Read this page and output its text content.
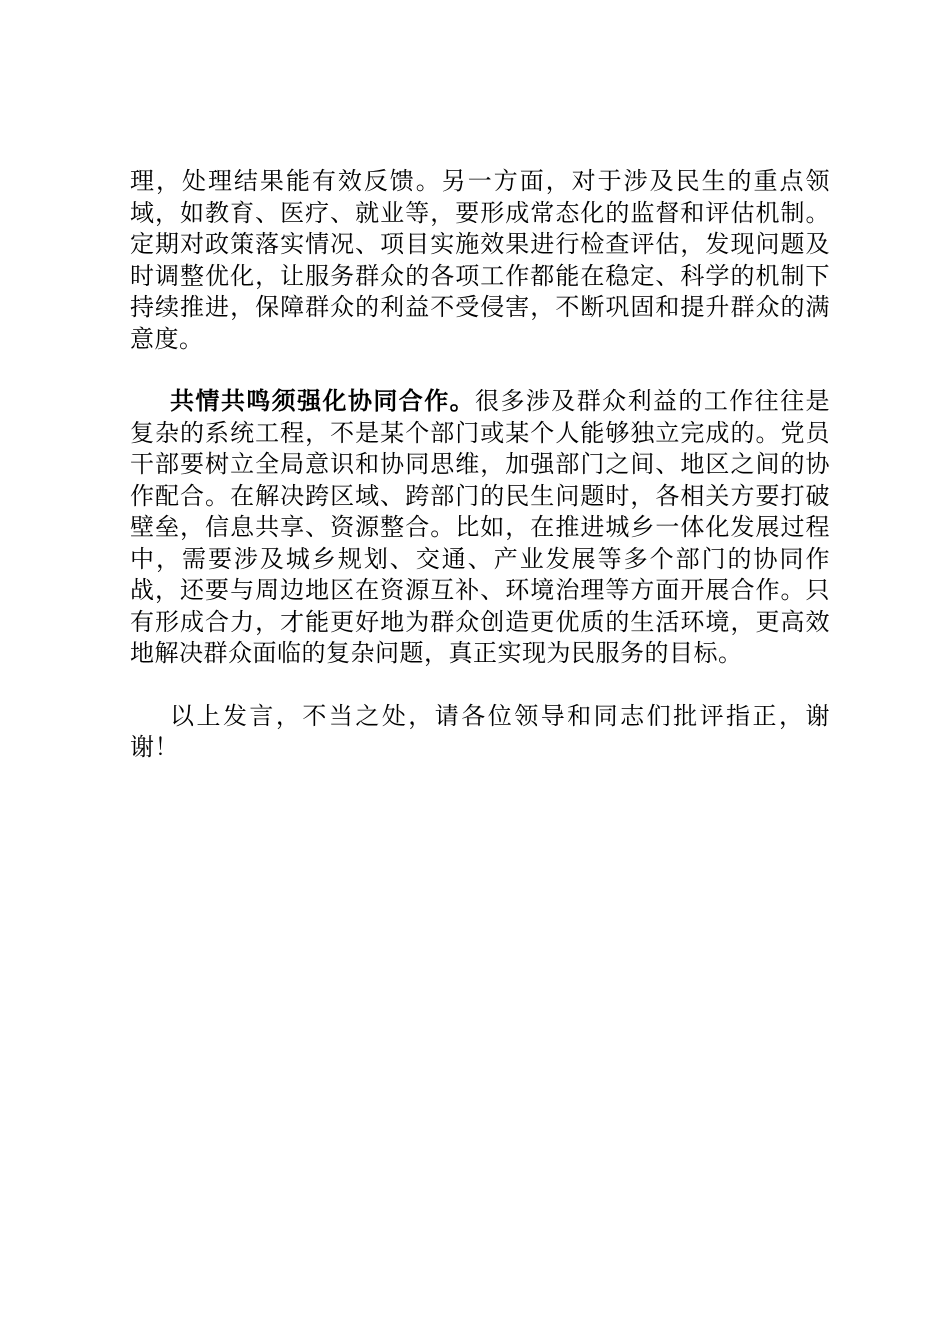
理，处理结果能有效反馈。另一方面，对于涉及民生的重点领域，如教育、医疗、就业等，要形成常态化的监督和评估机制。定期对政策落实情况、项目实施效果进行检查评估，发现问题及时调整优化，让服务群众的各项工作都能在稳定、科学的机制下持续推进，保障群众的利益不受侵害，不断巩固和提升群众的满意度。

共情共鸣须强化协同合作。很多涉及群众利益的工作往往是复杂的系统工程，不是某个部门或某个人能够独立完成的。党员干部要树立全局意识和协同思维，加强部门之间、地区之间的协作配合。在解决跨区域、跨部门的民生问题时，各相关方要打破壁垒，信息共享、资源整合。比如，在推进城乡一体化发展过程中，需要涉及城乡规划、交通、产业发展等多个部门的协同作战，还要与周边地区在资源互补、环境治理等方面开展合作。只有形成合力，才能更好地为群众创造更优质的生活环境，更高效地解决群众面临的复杂问题，真正实现为民服务的目标。

以上发言，不当之处，请各位领导和同志们批评指正，谢谢！
